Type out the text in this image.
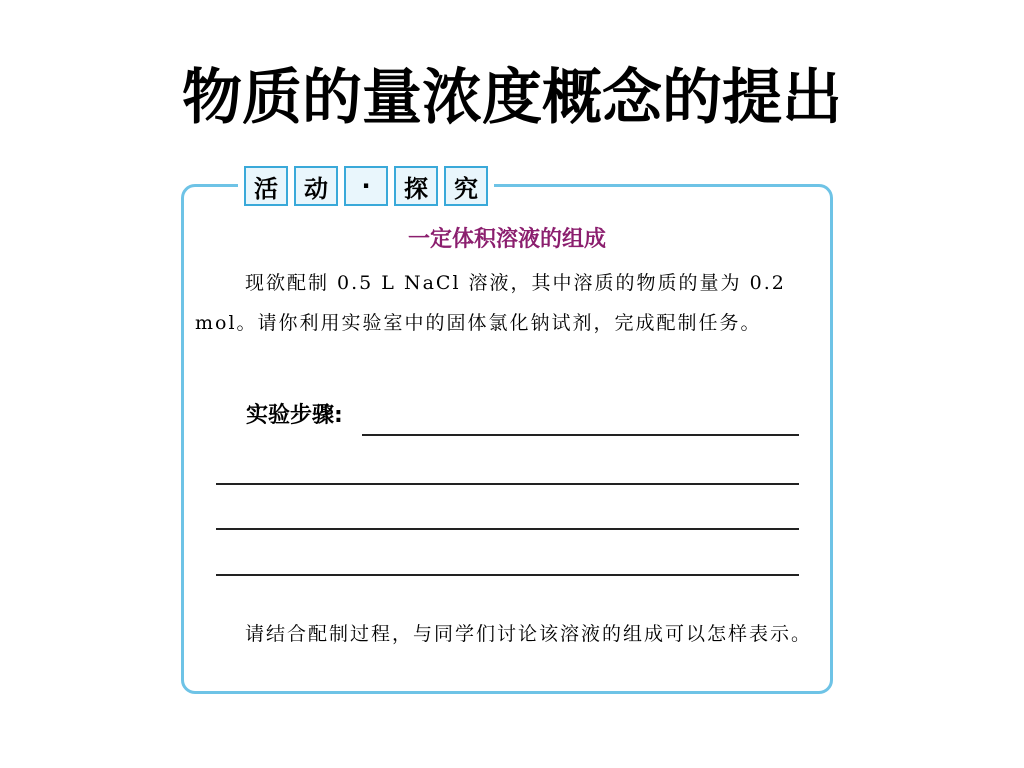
物质的量浓度概念的提出
活	动	·	探	究
一定体积溶液的组成

现欲配制 0.5 L NaCl 溶液，其中溶质的物质的量为 0.2 mol。请你利用实验室中的固体氯化钠试剂，完成配制任务。

实验步骤:

请结合配制过程，与同学们讨论该溶液的组成可以怎样表示。
